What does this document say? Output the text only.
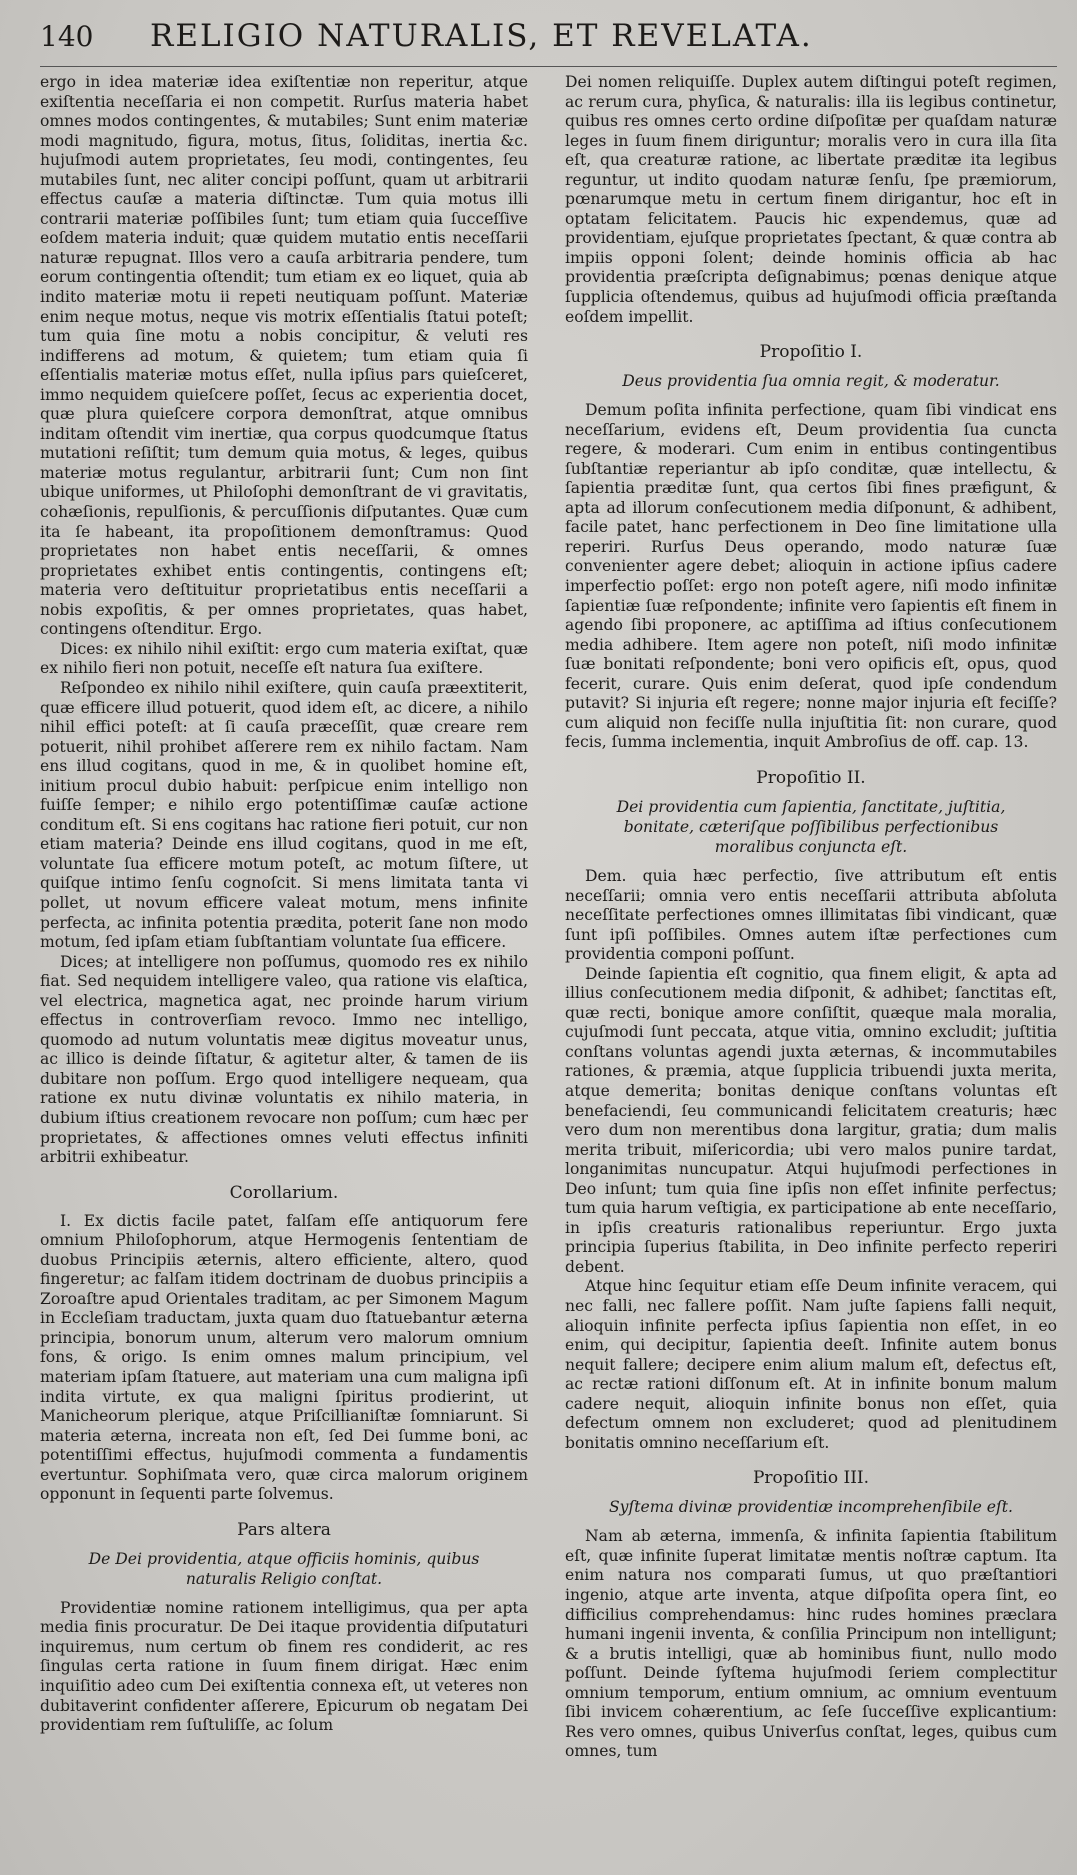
140	RELIGIO NATURALIS, ET REVELATA.

ergo in idea materiæ idea exiſtentiæ non reperitur, atque exiſtentia neceſſaria ei non competit. Rurſus materia habet omnes modos contingentes, & mutabiles; Sunt enim materiæ modi magnitudo, figura, motus, ſitus, ſoliditas, inertia &c. hujuſmodi autem proprietates, ſeu modi, contingentes, ſeu mutabiles ſunt, nec aliter concipi poſſunt, quam ut arbitrarii effectus cauſæ a materia diſtinctæ. Tum quia motus illi contrarii materiæ poſſibiles ſunt; tum etiam quia ſucceſſive eoſdem materia induit; quæ quidem mutatio entis neceſſarii naturæ repugnat. Illos vero a cauſa arbitraria pendere, tum eorum contingentia oſtendit; tum etiam ex eo liquet, quia ab indito materiæ motu ii repeti neutiquam poſſunt. Materiæ enim neque motus, neque vis motrix eſſentialis ſtatui poteſt; tum quia ſine motu a nobis concipitur, & veluti res indifferens ad motum, & quietem; tum etiam quia ſi eſſentialis materiæ motus eſſet, nulla ipſius pars quieſceret, immo nequidem quieſcere poſſet, ſecus ac experientia docet, quæ plura quieſcere corpora demonſtrat, atque omnibus inditam oſtendit vim inertiæ, qua corpus quodcumque ſtatus mutationi reſiſtit; tum demum quia motus, & leges, quibus materiæ motus regulantur, arbitrarii ſunt; Cum non ſint ubique uniformes, ut Philoſophi demonſtrant de vi gravitatis, cohæſionis, repulſionis, & percuſſionis diſputantes. Quæ cum ita ſe habeant, ita propoſitionem demonſtramus: Quod proprietates non habet entis neceſſarii, & omnes proprietates exhibet entis contingentis, contingens eſt; materia vero deſtituitur proprietatibus entis neceſſarii a nobis expoſitis, & per omnes proprietates, quas habet, contingens oſtenditur. Ergo.

Dices: ex nihilo nihil exiſtit: ergo cum materia exiſtat, quæ ex nihilo fieri non potuit, neceſſe eſt natura ſua exiſtere.

Reſpondeo ex nihilo nihil exiſtere, quin cauſa præextiterit, quæ efficere illud potuerit, quod idem eſt, ac dicere, a nihilo nihil effici poteſt: at ſi cauſa præceſſit, quæ creare rem potuerit, nihil prohibet aſſerere rem ex nihilo factam. Nam ens illud cogitans, quod in me, & in quolibet homine eſt, initium procul dubio habuit: perſpicue enim intelligo non fuiſſe ſemper; e nihilo ergo potentiſſimæ cauſæ actione conditum eſt. Si ens cogitans hac ratione fieri potuit, cur non etiam materia? Deinde ens illud cogitans, quod in me eſt, voluntate ſua efficere motum poteſt, ac motum ſiſtere, ut quiſque intimo ſenſu cognoſcit. Si mens limitata tanta vi pollet, ut novum efficere valeat motum, mens infinite perfecta, ac infinita potentia prædita, poterit ſane non modo motum, ſed ipſam etiam ſubſtantiam voluntate ſua efficere.

Dices; at intelligere non poſſumus, quomodo res ex nihilo fiat. Sed nequidem intelligere valeo, qua ratione vis elaſtica, vel electrica, magnetica agat, nec proinde harum virium effectus in controverſiam revoco. Immo nec intelligo, quomodo ad nutum voluntatis meæ digitus moveatur unus, ac illico is deinde ſiſtatur, & agitetur alter, & tamen de iis dubitare non poſſum. Ergo quod intelligere nequeam, qua ratione ex nutu divinæ voluntatis ex nihilo materia, in dubium iſtius creationem revocare non poſſum; cum hæc per proprietates, & affectiones omnes veluti effectus infiniti arbitrii exhibeatur.

Corollarium.

I. Ex dictis facile patet, falſam eſſe antiquorum fere omnium Philoſophorum, atque Hermogenis ſententiam de duobus Principiis æternis, altero efficiente, altero, quod fingeretur; ac falſam itidem doctrinam de duobus principiis a Zoroaſtre apud Orientales traditam, ac per Simonem Magum in Eccleſiam traductam, juxta quam duo ſtatuebantur æterna principia, bonorum unum, alterum vero malorum omnium fons, & origo. Is enim omnes malum principium, vel materiam ipſam ſtatuere, aut materiam una cum maligna ipſi indita virtute, ex qua maligni ſpiritus prodierint, ut Manicheorum plerique, atque Priſcillianiſtæ ſomniarunt. Si materia æterna, increata non eſt, ſed Dei ſumme boni, ac potentiſſimi effectus, hujuſmodi commenta a fundamentis evertuntur. Sophiſmata vero, quæ circa malorum originem opponunt in ſequenti parte ſolvemus.

Pars altera
De Dei providentia, atque officiis hominis, quibus naturalis Religio conſtat.

Providentiæ nomine rationem intelligimus, qua per apta media finis procuratur. De Dei itaque providentia diſputaturi inquiremus, num certum ob finem res condiderit, ac res ſingulas certa ratione in ſuum finem dirigat. Hæc enim inquiſitio adeo cum Dei exiſtentia connexa eſt, ut veteres non dubitaverint confidenter aſſerere, Epicurum ob negatam Dei providentiam rem ſuſtuliſſe, ac ſolum

Dei nomen reliquiſſe. Duplex autem diſtingui poteſt regimen, ac rerum cura, phyſica, & naturalis: illa iis legibus continetur, quibus res omnes certo ordine diſpoſitæ per quaſdam naturæ leges in ſuum finem diriguntur; moralis vero in cura illa ſita eſt, qua creaturæ ratione, ac libertate præditæ ita legibus reguntur, ut indito quodam naturæ ſenſu, ſpe præmiorum, pœnarumque metu in certum finem dirigantur, hoc eſt in optatam felicitatem. Paucis hic expendemus, quæ ad providentiam, ejuſque proprietates ſpectant, & quæ contra ab impiis opponi ſolent; deinde hominis officia ab hac providentia præſcripta deſignabimus; pœnas denique atque ſupplicia oſtendemus, quibus ad hujuſmodi officia præſtanda eoſdem impellit.

Propoſitio I.
Deus providentia ſua omnia regit, & moderatur.

Demum poſita infinita perfectione, quam ſibi vindicat ens neceſſarium, evidens eſt, Deum providentia ſua cuncta regere, & moderari. Cum enim in entibus contingentibus ſubſtantiæ reperiantur ab ipſo conditæ, quæ intellectu, & ſapientia præditæ ſunt, qua certos ſibi fines præfigunt, & apta ad illorum conſecutionem media diſponunt, & adhibent, facile patet, hanc perfectionem in Deo ſine limitatione ulla reperiri. Rurſus Deus operando, modo naturæ ſuæ convenienter agere debet; alioquin in actione ipſius cadere imperfectio poſſet: ergo non poteſt agere, niſi modo infinitæ ſapientiæ ſuæ reſpondente; infinite vero ſapientis eſt finem in agendo ſibi proponere, ac aptiſſima ad iſtius conſecutionem media adhibere. Item agere non poteſt, niſi modo infinitæ ſuæ bonitati reſpondente; boni vero opificis eſt, opus, quod fecerit, curare. Quis enim deſerat, quod ipſe condendum putavit? Si injuria eſt regere; nonne major injuria eſt feciſſe? cum aliquid non feciſſe nulla injuſtitia ſit: non curare, quod fecis, ſumma inclementia, inquit Ambroſius de off. cap. 13.

Propoſitio II.
Dei providentia cum ſapientia, ſanctitate, juſtitia, bonitate, cæteriſque poſſibilibus perfectionibus moralibus conjuncta eſt.

Dem. quia hæc perfectio, ſive attributum eſt entis neceſſarii; omnia vero entis neceſſarii attributa abſoluta neceſſitate perfectiones omnes illimitatas ſibi vindicant, quæ ſunt ipſi poſſibiles. Omnes autem iſtæ perfectiones cum providentia componi poſſunt.

Deinde ſapientia eſt cognitio, qua finem eligit, & apta ad illius conſecutionem media diſponit, & adhibet; ſanctitas eſt, quæ recti, bonique amore conſiſtit, quæque mala moralia, cujuſmodi ſunt peccata, atque vitia, omnino excludit; juſtitia conſtans voluntas agendi juxta æternas, & incommutabiles rationes, & præmia, atque ſupplicia tribuendi juxta merita, atque demerita; bonitas denique conſtans voluntas eſt benefaciendi, ſeu communicandi felicitatem creaturis; hæc vero dum non merentibus dona largitur, gratia; dum malis merita tribuit, miſericordia; ubi vero malos punire tardat, longanimitas nuncupatur. Atqui hujuſmodi perfectiones in Deo inſunt; tum quia ſine ipſis non eſſet infinite perfectus; tum quia harum veſtigia, ex participatione ab ente neceſſario, in ipſis creaturis rationalibus reperiuntur. Ergo juxta principia ſuperius ſtabilita, in Deo infinite perfecto reperiri debent.

Atque hinc ſequitur etiam eſſe Deum infinite veracem, qui nec falli, nec fallere poſſit. Nam juſte ſapiens falli nequit, alioquin infinite perfecta ipſius ſapientia non eſſet, in eo enim, qui decipitur, ſapientia deeſt. Infinite autem bonus nequit fallere; decipere enim alium malum eſt, defectus eſt, ac rectæ rationi diſſonum eſt. At in infinite bonum malum cadere nequit, alioquin infinite bonus non eſſet, quia defectum omnem non excluderet; quod ad plenitudinem bonitatis omnino neceſſarium eſt.

Propoſitio III.
Syſtema divinæ providentiæ incomprehenſibile eſt.

Nam ab æterna, immenſa, & infinita ſapientia ſtabilitum eſt, quæ infinite ſuperat limitatæ mentis noſtræ captum. Ita enim natura nos comparati ſumus, ut quo præſtantiori ingenio, atque arte inventa, atque diſpoſita opera ſint, eo difficilius comprehendamus: hinc rudes homines præclara humani ingenii inventa, & conſilia Principum non intelligunt; & a brutis intelligi, quæ ab hominibus fiunt, nullo modo poſſunt. Deinde ſyſtema hujuſmodi ſeriem complectitur omnium temporum, entium omnium, ac omnium eventuum ſibi invicem cohærentium, ac ſeſe ſucceſſive explicantium: Res vero omnes, quibus Univerſus conſtat, leges, quibus cum omnes, tum
